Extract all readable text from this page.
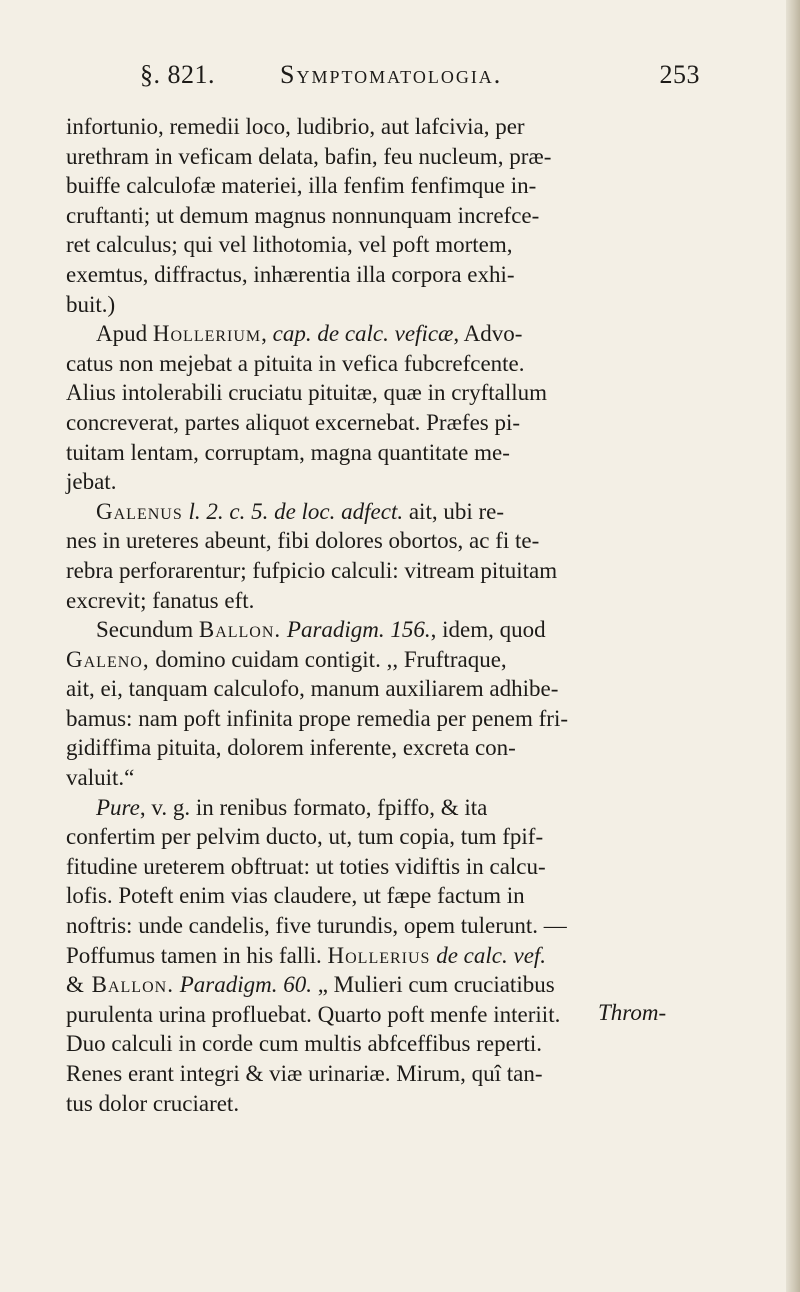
§. 821.	Symptomatologia.	253
infortunio, remedii loco, ludibrio, aut lafcivia, per
urethram in veficam delata, bafin, feu nucleum, præ-
buiffe calculofæ materiei, illa fenfim fenfimque in-
cruftanti; ut demum magnus nonnunquam increfce-
ret calculus; qui vel lithotomia, vel poft mortem,
exemtus, diffractus, inhærentia illa corpora exhi-
buit.)
Apud Hollerium, cap. de calc. veficæ, Advo-
catus non mejebat a pituita in vefica fubcrefcente.
Alius intolerabili cruciatu pituitæ, quæ in cryftallum
concreverat, partes aliquot excernebat. Præfes pi-
tuitam lentam, corruptam, magna quantitate me-
jebat.
Galenus l. 2. c. 5. de loc. adfect. ait, ubi re-
nes in ureteres abeunt, fibi dolores obortos, ac fi te-
rebra perforarentur; fufpicio calculi: vitream pituitam
excrevit; fanatus eft.
Secundum Ballon. Paradigm. 156., idem, quod
Galeno, domino cuidam contigit. ,, Fruftraque,
ait, ei, tanquam calculofo, manum auxiliarem adhibe-
bamus: nam poft infinita prope remedia per penem fri-
gidiffima pituita, dolorem inferente, excreta con-
valuit.“
Pure, v. g. in renibus formato, fpiffo, & ita
confertim per pelvim ducto, ut, tum copia, tum fpif-
fitudine ureterem obftruat: ut toties vidiftis in calcu-
lofis. Poteft enim vias claudere, ut fæpe factum in
noftris: unde candelis, five turundis, opem tulerunt. —
Poffumus tamen in his falli. Hollerius de calc. vef.
& Ballon. Paradigm. 60. „ Mulieri cum cruciatibus
purulenta urina profluebat. Quarto poft menfe interiit.
Duo calculi in corde cum multis abfceffibus reperti.
Renes erant integri & viæ urinariæ. Mirum, quî tan-
tus dolor cruciaret.
Throm-
